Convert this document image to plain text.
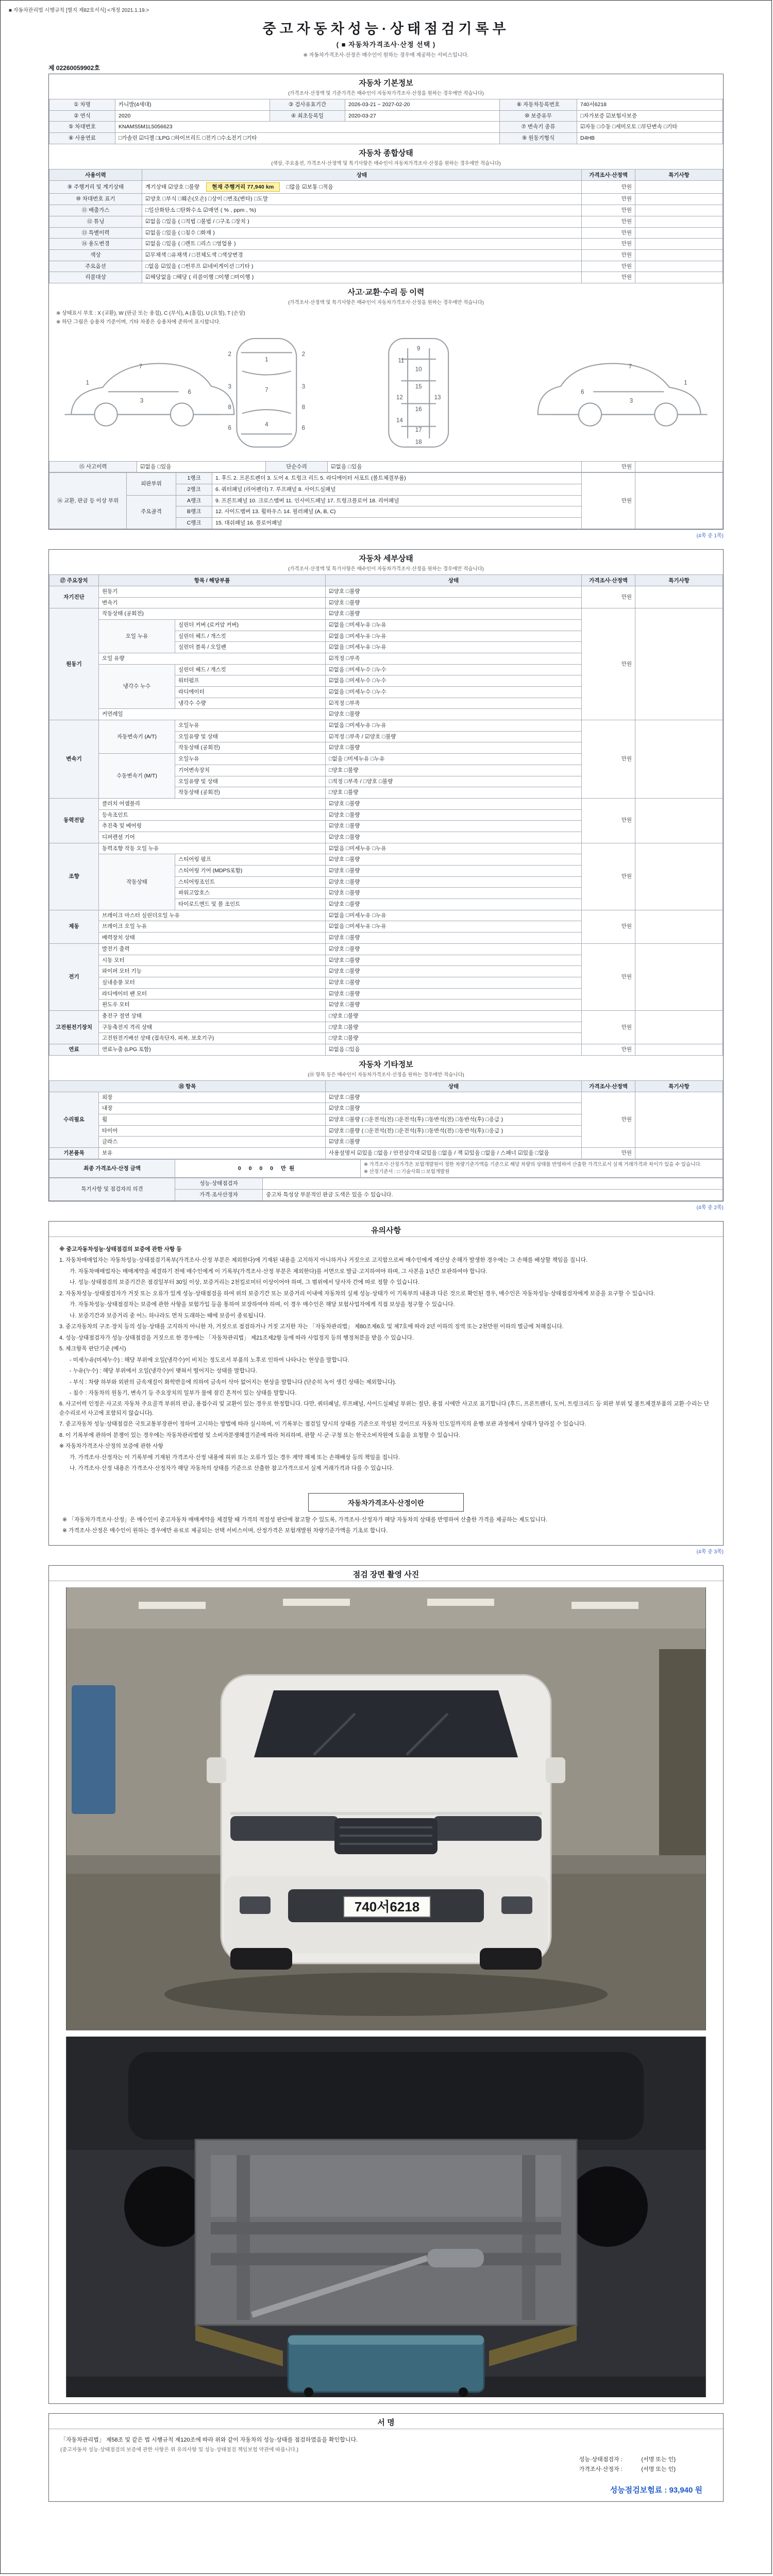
■ 자동차관리법 시행규칙 [별지 제82호서식] <개정 2021.1.19.>
중고자동차성능·상태점검기록부
( ■ 자동차가격조사·산정 선택 )
※ 자동차가격조사·산정은 매수인이 원하는 경우에 제공하는 서비스입니다.
제 02260059902호
자동차 기본정보
(가격조사·산정액 및 기준가격은 매수인이 자동차가격조사·산정을 원하는 경우에만 적습니다)
① 차명	카니발(4세대)	③ 검사유효기간	2026-03-21 ~ 2027-02-20	⑥ 자동차등록번호	740서6218
② 연식	2020	④ 최초등록일	2020-03-27	⑩ 보증유무	□자가보증 ☑보험사보증
⑤ 차대번호	KNAMS5M1L5056623			⑦ 변속기 종류	☑자동 □수동 □세미오토 □무단변속 □기타
⑧ 사용연료	□가솔린 ☑디젤 □LPG □하이브리드 □전기 □수소전기 □기타			⑨ 원동기형식	D4HB
자동차 종합상태
(색상, 주요옵션, 가격조사·산정액 및 특기사항은 매수인이 자동차가격조사·산정을 원하는 경우에만 적습니다)
사용이력	상태	가격조사·산정액	특기사항
⑨ 주행거리 및 계기상태	계기상태 ☑양호 □불량 현재 주행거리 77,940 km □많음 ☑보통 □적음	만원	
⑩ 차대번호 표기	☑양호 □부식 □훼손(오손) □상이 □변조(변타) □도말	만원	
⑪ 배출가스	□일산화탄소 □탄화수소 ☑매연 ( % , ppm , %)	만원	
⑫ 튜닝	☑없음 □있음 ( □적법 □불법 / □구조 □장치 )	만원	
⑬ 특별이력	☑없음 □있음 ( □침수 □화재 )	만원	
⑭ 용도변경	☑없음 □있음 ( □렌트 □리스 □영업용 )	만원	
색상	☑무채색 □유채색 / □전체도색 □색상변경	만원	
주요옵션	□없음 ☑있음 ( □썬루프 ☑네비게이션 □기타 )	만원	
리콜대상	☑해당없음 □해당 ( 리콜이행 □이행 □미이행 )	만원	
사고·교환·수리 등 이력
(가격조사·산정액 및 특기사항은 매수인이 자동차가격조사·산정을 원하는 경우에만 적습니다)
※ 상태표시 부호 : X (교환), W (판금 또는 용접), C (부식), A (흠집), U (요철), T (손상)
※ 하단 그림은 승용차 기준이며, 기타 차종은 승용차에 준하여 표시합니다.
1
3
6
7
1
7
4
2	2
3	3
8	8
6	6
9
11
10
15
12	13
16
14
17
18
1
3
6
7
⑮ 사고이력	☑없음 □있음	단순수리	☑없음 □있음	만원	
⑯ 교환, 판금 등 이상 부위	외판부위	1랭크	1. 후드 2. 프론트펜더 3. 도어 4. 트렁크 리드 5. 라디에이터 서포트 (볼트체결부품)	만원	
		2랭크	6. 쿼터패널 (리어펜더) 7. 루프패널 8. 사이드실패널		
	주요골격	A랭크	9. 프론트패널 10. 크로스멤버 11. 인사이드패널 17. 트렁크플로어 18. 리어패널		
		B랭크	12. 사이드멤버 13. 휠하우스 14. 필러패널 (A, B, C)		
		C랭크	15. 대쉬패널 16. 플로어패널		
(4쪽 중 1쪽)
자동차 세부상태
(가격조사·산정액 및 특기사항은 매수인이 자동차가격조사·산정을 원하는 경우에만 적습니다)
⑰ 주요장치	항목 / 해당부품		상태	가격조사·산정액	특기사항
자기진단	원동기		☑양호 □불량	만원	
	변속기		☑양호 □불량		
원동기	작동상태 (공회전)		☑양호 □불량	만원	
	오일 누유	실린더 커버 (로커암 커버)	☑없음 □미세누유 □누유		
		실린더 헤드 / 개스킷	☑없음 □미세누유 □누유		
		실린더 블록 / 오일팬	☑없음 □미세누유 □누유		
	오일 유량		☑적정 □부족		
	냉각수 누수	실린더 헤드 / 개스킷	☑없음 □미세누수 □누수		
		워터펌프	☑없음 □미세누수 □누수		
		라디에이터	☑없음 □미세누수 □누수		
		냉각수 수량	☑적정 □부족		
	커먼레일		☑양호 □불량		
변속기	자동변속기 (A/T)	오일누유	☑없음 □미세누유 □누유	만원	
		오일유량 및 상태	☑적정 □부족 / ☑양호 □불량		
		작동상태 (공회전)	☑양호 □불량		
	수동변속기 (M/T)	오일누유	□없음 □미세누유 □누유		
		기어변속장치	□양호 □불량		
		오일유량 및 상태	□적정 □부족 / □양호 □불량		
		작동상태 (공회전)	□양호 □불량		
동력전달	클러치 어셈블리		☑양호 □불량	만원	
	등속조인트		☑양호 □불량		
	추진축 및 베어링		☑양호 □불량		
	디퍼렌셜 기어		☑양호 □불량		
조향	동력조향 작동 오일 누유		☑없음 □미세누유 □누유	만원	
	작동상태	스티어링 펌프	☑양호 □불량		
		스티어링 기어 (MDPS포함)	☑양호 □불량		
		스티어링조인트	☑양호 □불량		
		파워고압호스	☑양호 □불량		
		타이로드엔드 및 볼 조인트	☑양호 □불량		
제동	브레이크 마스터 실린더오일 누유		☑없음 □미세누유 □누유	만원	
	브레이크 오일 누유		☑없음 □미세누유 □누유		
	배력장치 상태		☑양호 □불량		
전기	발전기 출력		☑양호 □불량	만원	
	시동 모터		☑양호 □불량		
	와이퍼 모터 기능		☑양호 □불량		
	실내송풍 모터		☑양호 □불량		
	라디에이터 팬 모터		☑양호 □불량		
	윈도우 모터		☑양호 □불량		
고전원전기장치	충전구 절연 상태		□양호 □불량	만원	
	구동축전지 격리 상태		□양호 □불량		
	고전원전기배선 상태 (접속단자, 피복, 보호기구)		□양호 □불량		
연료	연료누출 (LPG 포함)		☑없음 □있음	만원	
자동차 기타정보
(⑱ 항목 등은 매수인이 자동차가격조사·산정을 원하는 경우에만 적습니다)
⑱ 항목		상태	가격조사·산정액	특기사항
수리필요	외장	☑양호 □불량	만원	
	내장	☑양호 □불량		
	휠	☑양호 □불량 ( □운전석(전) □운전석(후) □동반석(전) □동반석(후) □응급 )		
	타이어	☑양호 □불량 ( □운전석(전) □운전석(후) □동반석(전) □동반석(후) □응급 )		
	글라스	☑양호 □불량		
기본품목	보유	사용설명서 ☑있음 □없음 / 안전삼각대 ☑있음 □없음 / 잭 ☑있음 □없음 / 스패너 ☑있음 □없음	만원	
최종 가격조사·산정 금액	0 0 0 0 만원	
※ 가격조사·산정가격은 보험개발원이 정한 차량기준가액을 기준으로 해당 차량의 상태를 반영하여 산출한 가격으로서 실제 거래가격과 차이가 있을 수 있습니다.
※ 산정기준서 : □ 기술사회 □ 보험개발원
특기사항 및 점검자의 의견	성능·상태점검자	
	가격·조사산정자	중고차 특성상 부분적인 판금 도색은 있을 수 있습니다.
(4쪽 중 2쪽)
유의사항
※ 중고자동차성능·상태점검의 보증에 관한 사항 등
1. 자동차매매업자는 자동차성능·상태점검기록부(가격조사·산정 부분은 제외한다)에 기재된 내용을 고지하지 아니하거나 거짓으로 고지함으로써 매수인에게 재산상 손해가 발생한 경우에는 그 손해를 배상할 책임을 집니다.
가. 자동차매매업자는 매매계약을 체결하기 전에 매수인에게 이 기록부(가격조사·산정 부분은 제외한다)를 서면으로 발급·고지하여야 하며, 그 사본을 1년간 보관하여야 합니다.
나. 성능·상태점검의 보증기간은 점검일부터 30일 이상, 보증거리는 2천킬로미터 이상이어야 하며, 그 범위에서 당사자 간에 따로 정할 수 있습니다.
2. 자동차성능·상태점검자가 거짓 또는 오류가 있게 성능·상태점검을 하여 위의 보증기간 또는 보증거리 이내에 자동차의 실제 성능·상태가 이 기록부의 내용과 다른 것으로 확인된 경우, 매수인은 자동차성능·상태점검자에게 보증을 요구할 수 있습니다.
가. 자동차성능·상태점검자는 보증에 관한 사항을 보험가입 등을 통하여 보장하여야 하며, 이 경우 매수인은 해당 보험사업자에게 직접 보상을 청구할 수 있습니다.
나. 보증기간과 보증거리 중 어느 하나라도 먼저 도래하는 때에 보증이 종료됩니다.
3. 중고자동차의 구조·장치 등의 성능·상태를 고지하지 아니한 자, 거짓으로 점검하거나 거짓 고지한 자는 「자동차관리법」 제80조제6호 및 제7호에 따라 2년 이하의 징역 또는 2천만원 이하의 벌금에 처해집니다.
4. 성능·상태점검자가 성능·상태점검을 거짓으로 한 경우에는 「자동차관리법」 제21조제2항 등에 따라 사업정지 등의 행정처분을 받을 수 있습니다.
5. 체크항목 판단기준 (예시)
- 미세누유(미세누수) : 해당 부위에 오일(냉각수)이 비치는 정도로서 부품의 노후로 인하여 나타나는 현상을 말합니다.
- 누유(누수) : 해당 부위에서 오일(냉각수)이 맺혀서 떨어지는 상태를 말합니다.
- 부식 : 차량 하부와 외판의 금속재질이 화학반응에 의하여 금속이 삭아 없어지는 현상을 말합니다 (단순히 녹이 생긴 상태는 제외합니다).
- 침수 : 자동차의 원동기, 변속기 등 주요장치의 일부가 물에 잠긴 흔적이 있는 상태를 말합니다.
6. 사고이력 인정은 사고로 자동차 주요골격 부위의 판금, 용접수리 및 교환이 있는 경우로 한정합니다. 다만, 쿼터패널, 루프패널, 사이드실패널 부위는 절단, 용접 시에만 사고로 표기합니다 (후드, 프론트펜더, 도어, 트렁크리드 등 외판 부위 및 볼트체결부품의 교환·수리는 단순수리로서 사고에 포함되지 않습니다).
7. 중고자동차 성능·상태점검은 국토교통부장관이 정하여 고시하는 방법에 따라 실시하며, 이 기록부는 점검일 당시의 상태를 기준으로 작성된 것이므로 자동차 인도일까지의 운행·보관 과정에서 상태가 달라질 수 있습니다.
8. 이 기록부에 관하여 분쟁이 있는 경우에는 자동차관리법령 및 소비자분쟁해결기준에 따라 처리하며, 관할 시·군·구청 또는 한국소비자원에 도움을 요청할 수 있습니다.
※ 자동차가격조사·산정의 보증에 관한 사항
가. 가격조사·산정자는 이 기록부에 기재된 가격조사·산정 내용에 허위 또는 오류가 있는 경우 계약 해제 또는 손해배상 등의 책임을 집니다.
나. 가격조사·산정 내용은 가격조사·산정자가 해당 자동차의 상태를 기준으로 산출한 참고가격으로서 실제 거래가격과 다를 수 있습니다.
자동차가격조사·산정이란
※ 「자동차가격조사·산정」은 매수인이 중고자동차 매매계약을 체결할 때 가격의 적절성 판단에 참고할 수 있도록, 가격조사·산정자가 해당 자동차의 상태를 반영하여 산출한 가격을 제공하는 제도입니다.
※ 가격조사·산정은 매수인이 원하는 경우에만 유료로 제공되는 선택 서비스이며, 산정가격은 보험개발원 차량기준가액을 기초로 합니다.
(4쪽 중 3쪽)
점검 장면 촬영 사진
740서6218
서 명
「자동차관리법」 제58조 및 같은 법 시행규칙 제120조에 따라 위와 같이 자동차의 성능·상태를 점검하였음을 확인합니다.
(중고자동차 성능·상태점검의 보증에 관한 사항은 위 유의사항 및 성능·상태점검 책임보험 약관에 따릅니다.)
성능·상태점검자 :	(서명 또는 인)
가격조사·산정자 :	(서명 또는 인)
성능점검보험료 : 93,940 원
